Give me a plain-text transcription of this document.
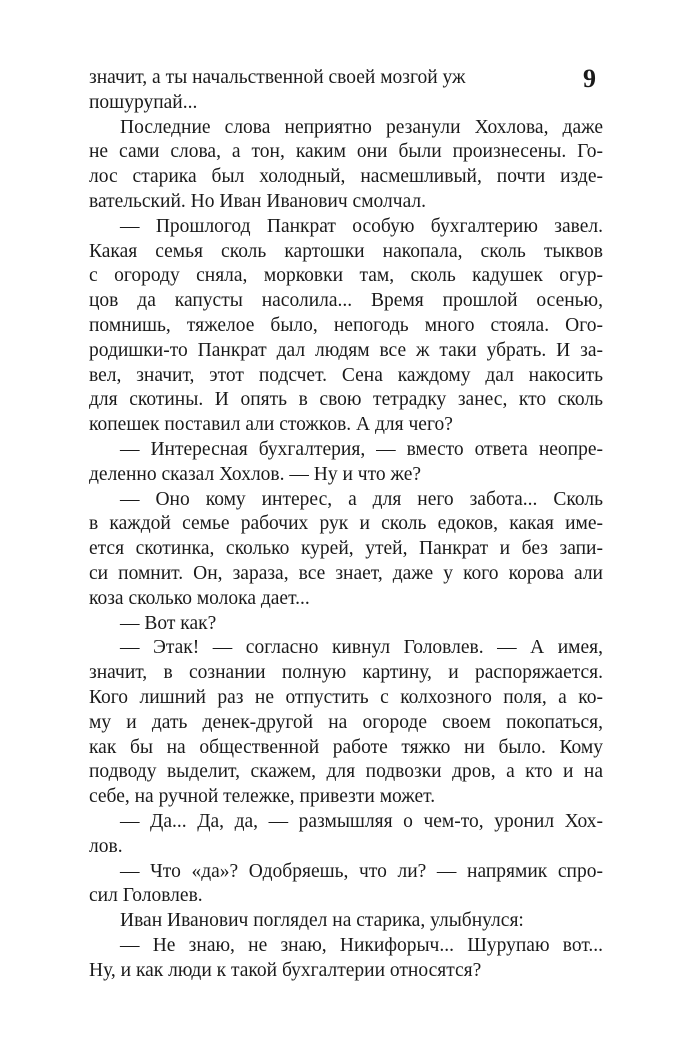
9
значит, а ты начальственной своей мозгой уж
пошурупай...
Последние слова неприятно резанули Хохлова, даже
не сами слова, а тон, каким они были произнесены. Го-
лос старика был холодный, насмешливый, почти изде-
вательский. Но Иван Иванович смолчал.
— Прошлогод Панкрат особую бухгалтерию завел.
Какая семья сколь картошки накопала, сколь тыквов
с огороду сняла, морковки там, сколь кадушек огур-
цов да капусты насолила... Время прошлой осенью,
помнишь, тяжелое было, непогодь много стояла. Ого-
родишки-то Панкрат дал людям все ж таки убрать. И за-
вел, значит, этот подсчет. Сена каждому дал накосить
для скотины. И опять в свою тетрадку занес, кто сколь
копешек поставил али стожков. А для чего?
— Интересная бухгалтерия, — вместо ответа неопре-
деленно сказал Хохлов. — Ну и что же?
— Оно кому интерес, а для него забота... Сколь
в каждой семье рабочих рук и сколь едоков, какая име-
ется скотинка, сколько курей, утей, Панкрат и без запи-
си помнит. Он, зараза, все знает, даже у кого корова али
коза сколько молока дает...
— Вот как?
— Этак! — согласно кивнул Головлев. — А имея,
значит, в сознании полную картину, и распоряжается.
Кого лишний раз не отпустить с колхозного поля, а ко-
му и дать денек-другой на огороде своем покопаться,
как бы на общественной работе тяжко ни было. Кому
подводу выделит, скажем, для подвозки дров, а кто и на
себе, на ручной тележке, привезти может.
— Да... Да, да, — размышляя о чем-то, уронил Хох-
лов.
— Что «да»? Одобряешь, что ли? — напрямик спро-
сил Головлев.
Иван Иванович поглядел на старика, улыбнулся:
— Не знаю, не знаю, Никифорыч... Шурупаю вот...
Ну, и как люди к такой бухгалтерии относятся?
